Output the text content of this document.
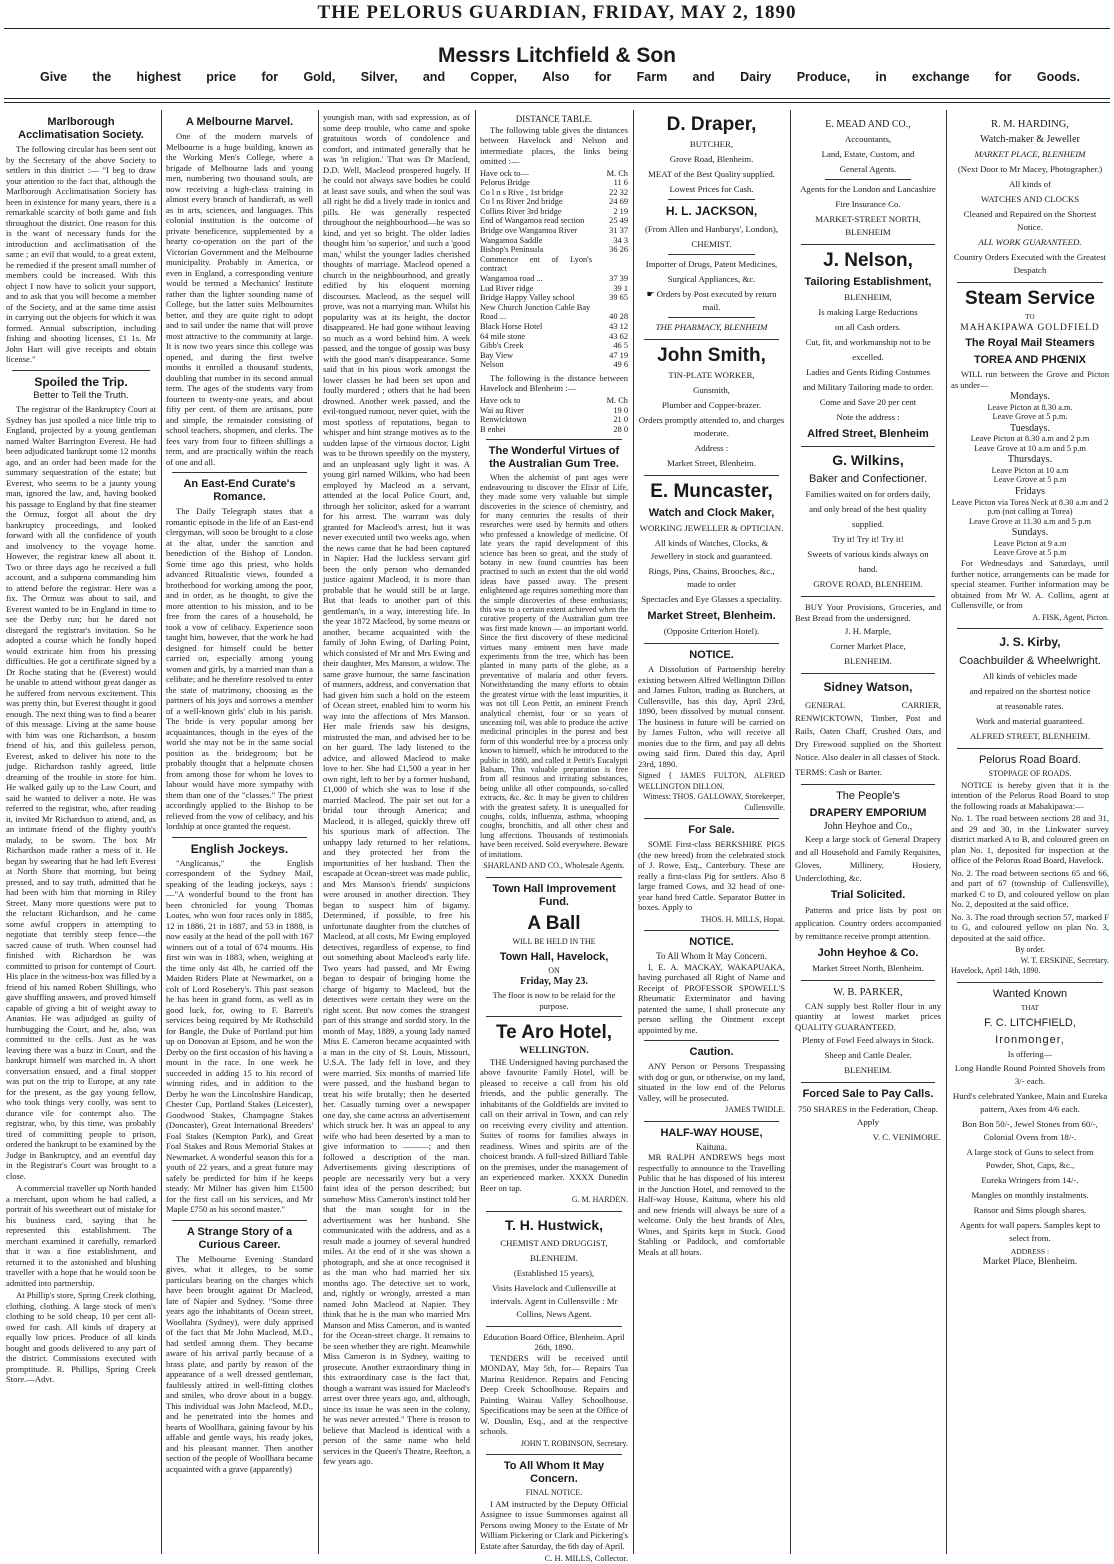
THE PELORUS GUARDIAN, FRIDAY, MAY 2, 1890
Messrs Litchfield & Son
Give the highest price for Gold, Silver, and Copper, Also for Farm and Dairy Produce, in exchange for Goods.
Marlborough Acclimatisation Society.

The following circular has been sent out by the Secretary of the above Society to settlers in this district :— "I beg to draw your attention to the fact that, although the Marlborough Acclimatisation Society has been in existence for many years, there is a remarkable scarcity of both game and fish throughout the district. One reason for this is the want of necessary funds for the introduction and acclimatisation of the same ; an evil that would, to a great extent, be remedied if the present small number of members could be increased. With this object I now have to solicit your support, and to ask that you will become a member of the Society, and at the same time assist in carrying out the objects for which it was formed. Annual subscription, including fishing and shooting licenses, £1 1s. Mr John Hart will give receipts and obtain license."

Spoiled the Trip.
Better to Tell the Truth.

The registrar of the Bankruptcy Court at Sydney has just spoiled a nice little trip to England, projected by a young gentleman named Walter Barrington Everest. He had been adjudicated bankrupt some 12 months ago, and an order had been made for the summary sequestration of the estate; but Everest, who seems to be a jaunty young man, ignored the law, and, having booked his passage to England by that fine steamer the Ormuz, forgot all about the dry bankruptcy proceedings, and looked forward with all the confidence of youth and insolvency to the voyage home. However, the registrar knew all about it. Two or three days ago he received a full account, and a subpœna commanding him to attend before the registrar. Here was a fix. The Ormuz was about to sail, and Everest wanted to be in England in time to see the Derby run; but he dared not disregard the registrar's invitation. So he adopted a course which he fondly hoped would extricate him from his pressing difficulties. He got a certificate signed by a Dr Roche stating that he (Everest) would be unable to attend without great danger as he suffered from nervous excitement. This was pretty thin, but Everest thought it good enough. The next thing was to find a bearer of this message. Living at the same house with him was one Richardson, a bosom friend of his, and this guileless person, Everest, asked to deliver his note to the judge. Richardson rashly agreed, little dreaming of the trouble in store for him. He walked gaily up to the Law Court, and said he wanted to deliver a note. He was referred to the registrar, who, after reading it, invited Mr Richardson to attend, and, as an intimate friend of the flighty youth's malady, to be sworn. The box Mr Richardson made rather a mess of it. He began by swearing that he had left Everest at North Shore that morning, but being pressed, and to say truth, admitted that he had been with him that morning in Riley Street. Many more questions were put to the reluctant Richardson, and he came some awful croppers in attempting to negotiate that terribly steep fence—the sacred cause of truth. When counsel had finished with Richardson he was committed to prison for contempt of Court. His place in the witness-box was filled by a friend of his named Robert Shillings, who gave shuffling answers, and proved himself capable of giving a bit of weight away to Ananias. He was adjudged as guilty of humbugging the Court, and he, also, was committed to the cells. Just as he was leaving there was a buzz in Court, and the bankrupt himself was marched in. A short conversation ensued, and a final stopper was put on the trip to Europe, at any rate for the present, as the gay young fellow, who took things very coolly, was sent to durance vile for contempt also. The registrar, who, by this time, was probably tired of committing people to prison, ordered the bankrupt to be examined by the Judge in Bankruptcy, and an eventful day in the Registrar's Court was brought to a close.

A commercial traveller up North handed a merchant, upon whom he had called, a portrait of his sweetheart out of mistake for his business card, saying that he represented this establishment. The merchant examined it carefully, remarked that it was a fine establishment, and returned it to the astonished and blushing traveller with a hope that he would soon be admitted into partnership.

At Phillip's store, Spring Creek clothing, clothing, clothing. A large stock of men's clothing to be sold cheap, 10 per cent all-owed for cash. All kinds of drapery at equally low prices. Produce of all kinds bought and goods delivered to any part of the district. Commissions executed with promptitude. R. Phillips, Spring Creek Store.—Advt.

A Melbourne Marvel.

One of the modern marvels of Melbourne is a huge building, known as the Working Men's College, where a brigade of Melbourne lads and young men, numbering two thousand souls, are now receiving a high-class training in almost every branch of handicraft, as well as in arts, sciences, and languages. This colonial institution is the outcome of private beneficence, supplemented by a hearty co-operation on the part of the Victorian Government and the Melbourne municipality. Probably in America, or even in England, a corresponding venture would be termed a Mechanics' Institute rather than the lighter sounding name of College, but the latter suits Melbournites better, and they are quite right to adopt and to sail under the name that will prove most attractive to the community at large. It is now two years since this college was opened, and during the first twelve months it enrolled a thousand students, doubling that number in its second annual term. The ages of the students vary from fourteen to twenty-one years, and about fifty per cent. of them are artisans, pure and simple, the remainder consisting of school teachers, shopmen, and clerks. The fees vary from four to fifteen shillings a term, and are practically within the reach of one and all.

An East-End Curate's Romance.

The Daily Telegraph states that a romantic episode in the life of an East-end clergyman, will soon be brought to a close at the altar, under the sanction and benediction of the Bishop of London. Some time ago this priest, who holds advanced Ritualistic views, founded a brotherhood for working among the poor, and in order, as he thought, to give the more attention to his mission, and to be free from the cares of a household, he took a vow of celibacy. Experience soon taught him, however, that the work he had designed for himself could be better carried on, especially among young women and girls, by a married man than a celibate; and he therefore resolved to enter the state of matrimony, choosing as the partners of his joys and sorrows a member of a well-known girls' club in his parish. The bride is very popular among her acquaintances, though in the eyes of the world she may not be in the same social position as the bridegroom; but he probably thought that a helpmate chosen from among those for whom he loves to labour would have more sympathy with them than one of the "classes." The priest accordingly applied to the Bishop to be relieved from the vow of celibacy, and his lordship at once granted the request.

English Jockeys.

"Anglicanus," the English correspondent of the Sydney Mail, speaking of the leading jockeys, says :—"A wonderful bound to the front has been chronicled for young Thomas Loates, who won four races only in 1885, 12 in 1886, 21 in 1887, and 53 in 1888, is now easily at the head of the poll with 167 winners out of a total of 674 mounts. His first win was in 1883, when, weighing at the time only 4st 4lb, he carried off the Maiden Riders Plate at Newmarket, on a colt of Lord Rosebery's. This past season he has been in grand form, as well as in good luck, for, owing to F. Barrett's services being required by Mr Rothschild for Bangle, the Duke of Portland put him up on Donovan at Epsom, and he won the Derby on the first occasion of his having a mount in the race. In one week he succeeded in adding 15 to his record of winning rides, and in addition to the Derby he won the Lincolnshire Handicap, Chester Cup, Portland Stakes (Leicester), Goodwood Stakes, Champagne Stakes (Doncaster), Great International Breeders' Foal Stakes (Kempton Park), and Great Foal Stakes and Rous Memorial Stakes at Newmarket. A wonderful season this for a youth of 22 years, and a great future may safely be predicted for him if he keeps steady. Mr Milner has given him £1500 for the first call on his services, and Mr Maple £750 as his second master."

A Strange Story of a Curious Career.

The Melbourne Evening Standard gives, what it alleges, to be some particulars bearing on the charges which have been brought against Dr Macleod, late of Napier and Sydney. "Some three years ago the inhabitants of Ocean street, Woollahra (Sydney), were duly apprised of the fact that Mr John Macleod, M.D., had settled among them. They became aware of his arrival partly because of a brass plate, and partly by reason of the appearance of a well dressed gentleman, faultlessly attired in well-fitting clothes and smiles, who drove about in a buggy. This individual was John Macleod, M.D., and he penetrated into the homes and hearts of Woollhara, gaining favour by his affable and gentle ways, his ready jokes, and his pleasant manner. Then another section of the people of Woollhara became acquainted with a grave (apparently)

youngish man, with sad expression, as of some deep trouble, who came and spoke gratuitous words of condolence and comfort, and intimated generally that he was 'in religion.' That was Dr Macleod, D.D. Well, Macleod prospered hugely. If he could not always save bodies he could at least save souls, and when the soul was all right he did a lively trade in tonics and pills. He was generally respected throughout the neighbourhood—he was so kind, and yet so bright. The older ladies thought him 'so superior,' and such a 'good man,' whilst the younger ladies cherished thoughts of marriage. Macleod opened a church in the neighbourhood, and greatly edified by his eloquent morning discourses. Macleod, as the sequel will prove, was not a marrying man. Whilst his popularity was at its height, the doctor disappeared. He had gone without leaving so much as a word behind him. A week passed, and the tongue of gossip was busy with the good man's disappearance. Some said that in his pious work amongst the lower classes he had been set upon and foully murdered ; others that he had been drowned. Another week passed, and the evil-tongued rumour, never quiet, with the most spotless of reputations, began to whisper and hint strange motives as to the sudden lapse of the virtuous doctor. Light was to be thrown speedily on the mystery, and an unpleasant ugly light it was. A young girl named Wilkins, who had been employed by Macleod as a servant, attended at the local Police Court, and, through her solicitor, asked for a warrant for his arrest. The warrant was duly granted for Macleod's arrest, but it was never executed until two weeks ago, when the news came that he had been captured in Napier. Had the luckless servant girl been the only person who demanded justice against Macleod, it is more than probable that he would still be at large. But that leads to another part of this gentleman's, in a way, interesting life. In the year 1872 Macleod, by some means or another, became acquainted with the family of John Ewing, of Darling Point, which consisted of Mr and Mrs Ewing and their daughter, Mrs Manson, a widow. The same grave humour, the same fascination of manners, address, and conversation that had given him such a hold on the esteem of Ocean street, enabled him to worm his way into the affections of Mrs Manson. Her male friends saw his designs, mistrusted the man, and advised her to be on her guard. The lady listened to the advice, and allowed Macleod to make love to her. She had £1,500 a year in her own right, left to her by a former husband, £1,000 of which she was to lose if she married Macleod. The pair set out for a bridal tour through America; and Macleod, it is alleged, quickly threw off his spurious mark of affection. The unhappy lady returned to her relations, and they protected her from the importunities of her husband. Then the escapade at Ocean-street was made public, and Mrs Manson's friends' suspicions were aroused in another direction. They began to suspect him of bigamy. Determined, if possible, to free his unfortunate daughter from the clutches of Macleod, at all costs, Mr Ewing employed detectives, regardless of expense, to find out something about Macleod's early life. Two years had passed, and Mr Ewing began to despair of bringing home the charge of bigamy to Macleod, but the detectives were certain they were on the right scent. But now comes the strangest part of this strange and sordid story. In the month of May, 1889, a young lady named Miss E. Cameron became acquainted with a man in the city of St. Louis, Missouri, U.S.A. The lady fell in love, and they were married. Six months of married life were passed, and the husband began to treat his wife brutally; then he deserted her. Casually turning over a newspaper one day, she came across an advertisement which struck her. It was an appeal to any wife who had been deserted by a man to give information to ———; and then followed a description of the man. Advertisements giving descriptions of people are necessarily very but a very faint idea of the person described; but somehow Miss Cameron's instinct told her that the man sought for in the advertisement was her husband. She communicated with the address, and as a result made a journey of several hundred miles. At the end of it she was shown a photograph, and she at once recognised it as the man who had married her six months ago. The detective set to work, and, rightly or wrongly, arrested a man named John Macleod at Napier. They think that he is the man who married Mrs Manson and Miss Cameron, and is wanted for the Ocean-street charge. It remains to be seen whether they are right. Meanwhile Miss Cameron is in Sydney, waiting to prosecute. Another extraordinary thing in this extraordinary case is the fact that, though a warrant was issued for Macleod's arrest over three years ago, and, although, since its issue he was seen in the colony, he was never arrested." There is reason to believe that Macleod is identical with a person of the same name who held services in the Queen's Theatre, Reefton, a few years ago.

DISTANCE TABLE.

The following table gives the distances between Havelock and Nelson and intermediate places, the links being omitted :—

Have ock to—	M. Ch
Pelorus Bridge	11 6
Co l n s Rive , 1st bridge	22 32
Co l ns River 2nd bridge	24 69
Collins River 3rd bridge	2 19
End of Wangamoa read section	25 49
Bridge ove Wangamoa River	31 37
Wangamoa Saddle	34 3
Bishop's Peninsula	36 26
Commence ent of Lyon's contract	
Wangamoa road ...	37 39
Lud River ridge	39 1
Bridge Happy Valley school	39 65
New Church Junction Cable Bay	
Road ...	40 28
Black Horse Hotel	43 12
64 mile stone	43 62
Gibb's Creek	46 5
Bay View	47 19
Nelson	49 6

The following is the distance between Havelock and Blenheim :—

Have ock to	M. Ch
Wai au River	19 0
Renwicktown	21 0
B enhei	28 0
The Wonderful Virtues of the Australian Gum Tree.

When the alchemist of past ages were endeavouring to discover the Elixir of Life, they made some very valuable but simple discoveries in the science of chemistry, and for many centuries the results of their researches were used by hermits and others who professed a knowledge of medicine. Of late years the rapid development of this science has been so great, and the study of botany in new found countries has been practised to such an extent that the old world ideas have passed away. The present enlightened age requires something more than the simple discoveries of these enthusiasts; this was to a certain extent achieved when the curative property of the Australian gum tree was first made known — an important world. Since the first discovery of these medicinal virtues many eminent men have made experiments from the tree, which has been planted in many parts of the globe, as a preventative of malaria and other fevers. Notwithstanding the many efforts to obtain the greatest virtue with the least impurities, it was not till Leon Pettit, an eminent French analytical chemist, four or so years of unceasing toil, was able to produce the active medicinal principles in the purest and best form of this wonderful tree by a process only known to himself, which he introduced to the public in 1880, and called it Pettit's Eucalypti Balsam. This valuable preparation is free from all resinous and irritating substances, being unlike all other compounds, so-called extracts, &c. &c. It may be given to children with the greatest safety. It is unequalled for coughs, colds, influenza, asthma, whooping coughs, bronchitis, and all other chest and lung affections. Thousands of testimonials have been received. Sold everywhere. Beware of imitations.

SHARLAND AND CO., Wholesale Agents.
Town Hall Improvement Fund.
A Ball
WILL BE HELD IN THE
Town Hall, Havelock,
ON
Friday, May 23.
The floor is now to be relaid for the purpose.
Te Aro Hotel,
WELLINGTON.

THE Undersigned having purchased the above favourite Family Hotel, will be pleased to receive a call from his old friends, and the public generally. The inhabitants of the Goldfields are invited to call on their arrival in Town, and can rely on receiving every civility and attention. Suites of rooms for families always in readiness. Wines and spirits are of the choicest brands. A full-sized Billiard Table on the premises, under the management of an experienced marker. XXXX Dunedin Beer on tap.

G. M. HARDEN.
T. H. Hustwick,
CHEMIST AND DRUGGIST,
BLENHEIM.
(Established 15 years),
Visits Havelock and Cullensville at intervals. Agent in Cullensville : Mr Collins, News Agent.
Education Board Office, Blenheim. April 26th, 1890.

TENDERS will be received until MONDAY, May 5th, for— Repairs Tua Marina Residence. Repairs and Fencing Deep Creek Schoolhouse. Repairs and Painting Wairau Valley Schoolhouse. Specifications may be seen at the Office of W. Douslin, Esq., and at the respective schools.

JOHN T. ROBINSON, Secretary.
To All Whom It May Concern.
FINAL NOTICE.

I AM instructed by the Deputy Official Assignee to issue Summonses against all Persons owing Money to the Estate of Mr William Pickering or Clark and Pickering's Estate after Saturday, the 6th day of April.

C. H. MILLS, Collector.
D. Draper,
BUTCHER,
Grove Road, Blenheim.
MEAT of the Best Quality supplied.
Lowest Prices for Cash.
H. L. JACKSON,
(From Allen and Hanburys', London),
CHEMIST.
Importer of Drugs, Patent Medicines,
Surgical Appliances, &c.
☛ Orders by Post executed by return mail.
THE PHARMACY, BLENHEIM
John Smith,
TIN-PLATE WORKER,
Gunsmith,
Plumber and Copper-brazer.
Orders promptly attended to, and charges moderate.
Address :
Market Street, Blenheim.
E. Muncaster,
Watch and Clock Maker,
WORKING JEWELLER & OPTICIAN.
All kinds of Watches, Clocks, & Jewellery in stock and guaranteed.
Rings, Pins, Chains, Brooches, &c., made to order
Spectacles and Eye Glasses a speciality.
Market Street, Blenheim.
(Opposite Criterion Hotel).
NOTICE.

A Dissolution of Partnership hereby existing between Alfred Wellington Dillon and James Fulton, trading as Butchers, at Cullensville, has this day, April 23rd, 1890, been dissolved by mutual consent. The business in future will be carried on by James Fulton, who will receive all monies due to the firm, and pay all debts owing said firm. Dated this day, April 23rd, 1890.

Signed { JAMES FULTON, ALFRED WELLINGTON DILLON.
Witness: THOS. GALLOWAY, Storekeeper, Cullensville.
For Sale.

SOME First-class BERKSHIRE PIGS (the new breed) from the celebrated stock of J. Rowe, Esq., Canterbury. These are really a first-class Pig for settlers. Also 8 large framed Cows, and 32 head of one-year hand bred Cattle. Separator Butter in boxes. Apply to

THOS. H. MILLS, Hopai.
NOTICE.
To All Whom It May Concern.

I, E. A. MACKAY, WAKAPUAKA, having purchased all Right of Name and Receipt of PROFESSOR SPOWELL'S Rheumatic Exterminator and having patented the same, I shall prosecute any person selling the Ointment except appointed by me.

Caution.

ANY Person or Persons Trespassing with dog or gun, or otherwise, on my land, situated in the low end of the Pelorus Valley, will be prosecuted.

JAMES TWIDLE.
HALF-WAY HOUSE,
Kaituna.

MR RALPH ANDREWS begs most respectfully to announce to the Travelling Public that he has disposed of his interest in the Junction Hotel, and removed to the Half-way House, Kaituna, where his old and new friends will always be sure of a welcome. Only the best brands of Ales, Wines, and Spirits kept in Stock. Good Stabling or Paddock, and comfortable Meals at all hours.

E. MEAD AND CO.,
Accountants,
Land, Estate, Custom, and
General Agents.
Agents for the London and Lancashire
Fire Insurance Co.
MARKET-STREET NORTH, BLENHEIM
J. Nelson,
Tailoring Establishment,
BLENHEIM,
Is making Large Reductions
on all Cash orders.
Cut, fit, and workmanship not to be
excelled.
Ladies and Gents Riding Costumes
and Military Tailoring made to order.
Come and Save 20 per cent
Note the address :
Alfred Street, Blenheim
G. Wilkins,
Baker and Confectioner.
Families waited on for orders daily,
and only bread of the best quality
supplied.
Try it! Try it! Try it!
Sweets of various kinds always on
hand.
GROVE ROAD, BLENHEIM.

BUY Your Provisions, Groceries, and Best Bread from the undersigned.

J. H. Marple,
Corner Market Place,
BLENHEIM.
Sidney Watson,

GENERAL CARRIER, RENWICKTOWN, Timber, Post and Rails, Oaten Chaff, Crushed Oats, and Dry Firewood supplied on the Shortest Notice. Also dealer in all classes of Stock.

TERMS: Cash or Barter.
The People's
DRAPERY EMPORIUM
John Heyhoe and Co.,

Keep a large stock of General Drapery and all Household and Family Requisites, Gloves, Millinery, Hosiery, Underclothing, &c.

Trial Solicited.

Patterns and price lists by post on application. Country orders accompanied by remittance receive prompt attention.

John Heyhoe & Co.
Market Street North, Blenheim.
W. B. PARKER,

CAN supply best Roller flour in any quantity at lowest market prices QUALITY GUARANTEED.

Plenty of Fowl Feed always in Stock.
Sheep and Cattle Dealer.
BLENHEIM.
Forced Sale to Pay Calls.
750 SHARES in the Federation, Cheap. Apply
V. C. VENIMORE.
R. M. HARDING,
Watch-maker & Jeweller
MARKET PLACE, BLENHEIM
(Next Door to Mr Macey, Photographer.)
All kinds of
WATCHES AND CLOCKS
Cleaned and Repaired on the Shortest Notice.
ALL WORK GUARANTEED.
Country Orders Executed with the Greatest Despatch
Steam Service
TO
MAHAKIPAWA GOLDFIELD
The Royal Mail Steamers
TOREA AND PHŒNIX

WILL run between the Grove and Picton as under—

Mondays.
Leave Picton at 8.30 a.m.
Leave Grove at 5 p.m.
Tuesdays.
Leave Picton at 8.30 a.m and 2 p.m
Leave Grove at 10 a.m and 5 p.m
Thursdays.
Leave Picton at 10 a.m
Leave Grove at 5 p.m
Fridays
Leave Picton via Torea Neck at 8.30 a.m and 2 p.m (not calling at Torea)
Leave Grove at 11.30 a.m and 5 p.m
Sundays.
Leave Picton at 9 a.m
Leave Grove at 5 p.m

For Wednesdays and Saturdays, until further notice, arrangements can be made for special steamer. Further information may be obtained from Mr W. A. Collins, agent at Cullensville, or from

A. FISK, Agent, Picton.
J. S. Kirby,
Coachbuilder & Wheelwright.
All kinds of vehicles made
and repaired on the shortest notice
at reasonable rates.
Work and material guaranteed.
ALFRED STREET, BLENHEIM.
Pelorus Road Board.
STOPPAGE OF ROADS.

NOTICE is hereby given that it is the intention of the Pelorus Road Board to stop the following roads at Mahakipawa:—

No. 1. The road between sections 28 and 31, and 29 and 30, in the Linkwater survey district marked A to B, and coloured green on plan No. 1, deposited for inspection at the office of the Pelorus Road Board, Havelock.

No. 2. The road between sections 65 and 66, and part of 67 (township of Cullensville), marked C to D, and coloured yellow on plan No. 2, deposited at the said office.

No. 3. The road through section 57, marked F to G, and coloured yellow on plan No. 3, deposited at the said office.

By order.
W. T. ERSKINE, Secretary.
Havelock, April 14th, 1890.
Wanted Known
THAT
F. C. LITCHFIELD,
Ironmonger,
Is offering—
Long Handle Round Pointed Shovels from 3/- each.
Hurd's celebrated Yankee, Main and Eureka pattern, Axes from 4/6 each.
Bon Bon 50/-, Jewel Stones from 60/-, Colonial Ovens from 18/-.
A large stock of Guns to select from Powder, Shot, Caps, &c.,
Eureka Wringers from 14/-.
Mangles on monthly instalments.
Ransor and Sims plough shares.
Agents for wall papers. Samples kept to select from.
ADDRESS :
Market Place, Blenheim.
